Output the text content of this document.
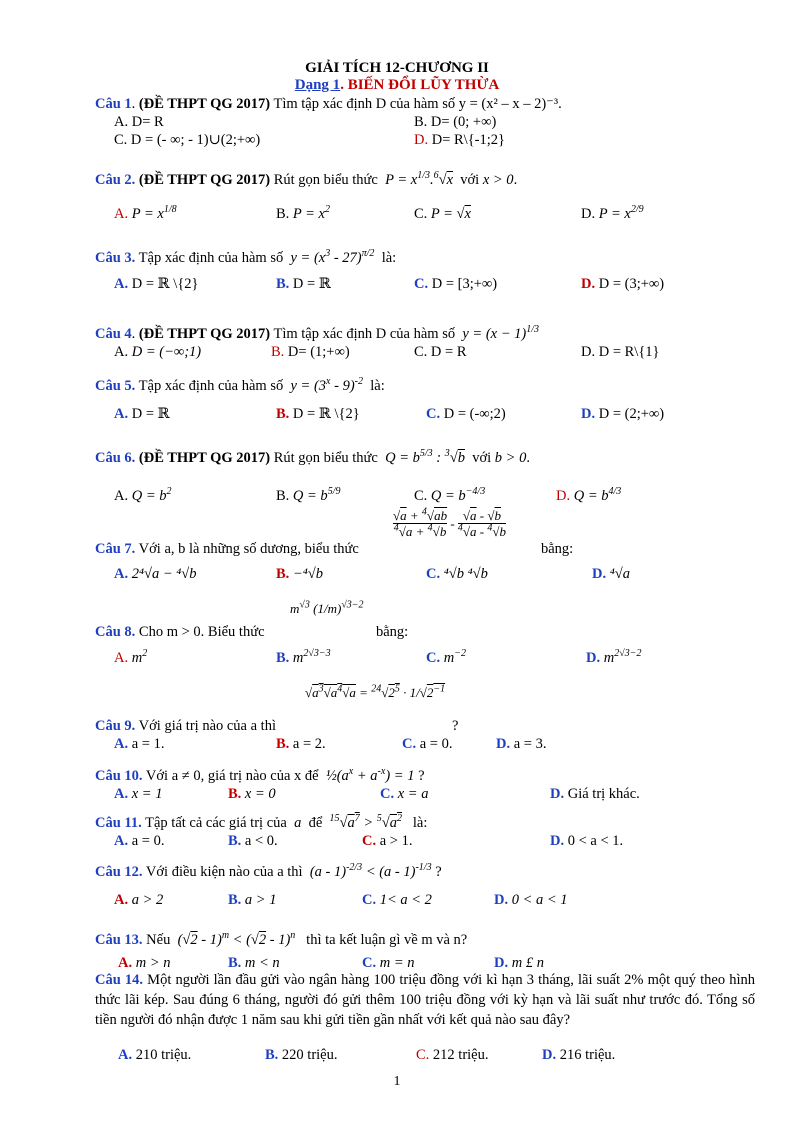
GIẢI TÍCH 12-CHƯƠNG II
Dạng 1. BIẾN ĐỔI LŨY THỪA
Câu 1. (ĐỀ THPT QG 2017) Tìm tập xác định D của hàm số y = (x² – x – 2)⁻³.
A. D= R	B. D= (0; +∞)
C. D = (- ∞; - 1)∪(2;+∞)	D. D= R\{-1;2}
Câu 2. (ĐỀ THPT QG 2017) Rút gọn biểu thức $P = x^{1/3}.^6√x$ với x > 0.
A. $P = x^{1/8}$	B. $P = x^2$	C. P = √x	D. $P = x^{2/9}$
Câu 3. Tập xác định của hàm số $y = (x^3 - 27)^{\pi/2}$ là:
A. D = ℝ \{2}	B. D = ℝ	C. D = [3;+∞)	D. D = (3;+∞)
Câu 4. (ĐỀ THPT QG 2017) Tìm tập xác định D của hàm số $y = (x - 1)^{1/3}$
A. D = (−∞;1)	B. D= (1;+∞)	C. D = R	D. D = R\{1}
Câu 5. Tập xác định của hàm số $y = (3^x - 9)^{-2}$ là:
A. D = ℝ	B. D = ℝ \{2}	C. D = (-∞;2)	D. D = (2;+∞)
Câu 6. (ĐỀ THPT QG 2017) Rút gọn biểu thức $Q = b^{5/3}$ : $^3$√b với b > 0.
A. $Q = b^2$	B. $Q = b^{5/9}$	C. $Q = b^{-4/3}$	D. $Q = b^{4/3}$
$\frac{√a + ^4√ab}{^4√a + ^4√b} - \frac{√a - √b}{^4√a - ^4√b}$
Câu 7. Với a, b là những số dương, biểu thức	bằng:
A. 2⁴√a − ⁴√b	B. −⁴√b	C. ⁴√b ⁴√b	D. ⁴√a
$m^{√3}$ $(1/m)^{√3-2}$
Câu 8. Cho m > 0. Biểu thức	bằng:
A. $m^2$	B. $m^{2√3-3}$	C. $m^{-2}$	D. $m^{2√3-2}$
$√a^3√a^4√a = ^{24}√2^5 \cdot 1/√2^{-1}$
Câu 9. Với giá trị nào của a thì	?
A. a = 1.	B. a = 2.	C. a = 0.	D. a = 3.
Câu 10. Với a ≠ 0, giá trị nào của x để $\frac{1}{2}(a^x + a^{-x}) = 1$ ?
A. x = 1	B. x = 0	C. x = a	D. Giá trị khác.
Câu 11. Tập tất cả các giá trị của a để $^{15}√a^7 > ^5√a^2$ là:
A. a = 0.	B. a < 0.	C. a > 1.	D. 0 < a < 1.
Câu 12. Với điều kiện nào của a thì (a - 1)$^{-2/3}$ < (a - 1)$^{-1/3}$ ?
A. a > 2	B. a > 1	C. 1< a < 2	D. 0 < a < 1
Câu 13. Nếu (√2 - 1)$^m$ < (√2 - 1)$^n$ thì ta kết luận gì về m và n?
A. m > n	B. m < n	C. m = n	D. m £ n
Câu 14. Một người lần đầu gửi vào ngân hàng 100 triệu đồng với kì hạn 3 tháng, lãi suất 2% một quý theo hình thức lãi kép. Sau đúng 6 tháng, người đó gửi thêm 100 triệu đồng với kỳ hạn và lãi suất như trước đó. Tổng số tiền người đó nhận được 1 năm sau khi gửi tiền gần nhất với kết quả nào sau đây?
A. 210 triệu.	B. 220 triệu.	C. 212 triệu.	D. 216 triệu.
1
